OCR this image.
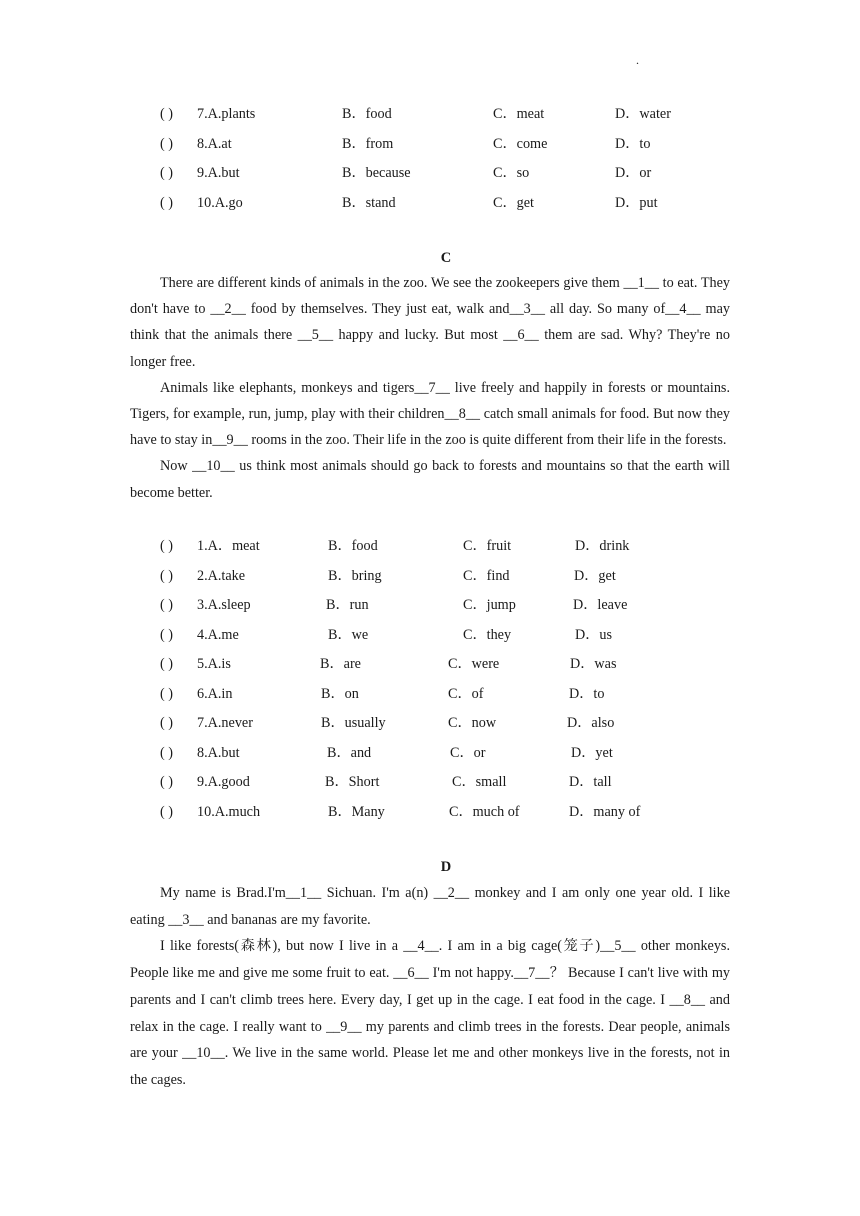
.
( ) 7.A.plants	B．food	C．meat	D．water
( ) 8.A.at	B．from	C．come	D．to
( ) 9.A.but	B．because	C．so	D．or
( ) 10.A.go	B．stand	C．get	D．put
C

There are different kinds of animals in the zoo. We see the zookeepers give them __1__ to eat. They don't have to __2__ food by themselves. They just eat, walk and__3__ all day. So many of__4__ may think that the animals there __5__ happy and lucky. But most __6__ them are sad. Why? They're no longer free.

Animals like elephants, monkeys and tigers__7__ live freely and happily in forests or mountains. Tigers, for example, run, jump, play with their children__8__ catch small animals for food. But now they have to stay in__9__ rooms in the zoo. Their life in the zoo is quite different from their life in the forests.

Now __10__ us think most animals should go back to forests and mountains so that the earth will become better.

( ) 1.A．meat	B．food	C．fruit	D．drink
( ) 2.A.take	B．bring	C．find	D．get
( ) 3.A.sleep	B．run	C．jump	D．leave
( ) 4.A.me	B．we	C．they	D．us
( ) 5.A.is	B．are	C．were	D．was
( ) 6.A.in	B．on	C．of	D．to
( ) 7.A.never	B．usually	C．now	D．also
( ) 8.A.but	B．and	C．or	D．yet
( ) 9.A.good	B．Short	C．small	D．tall
( ) 10.A.much	B．Many	C．much of	D．many of
D

My name is Brad.I'm__1__ Sichuan. I'm a(n) __2__ monkey and I am only one year old. I like eating __3__ and bananas are my favorite.

I like forests(森林), but now I live in a __4__. I am in a big cage(笼子)__5__ other monkeys. People like me and give me some fruit to eat. __6__ I'm not happy.__7__？ Because I can't live with my parents and I can't climb trees here. Every day, I get up in the cage. I eat food in the cage. I __8__ and relax in the cage. I really want to __9__ my parents and climb trees in the forests. Dear people, animals are your __10__. We live in the same world. Please let me and other monkeys live in the forests, not in the cages.
